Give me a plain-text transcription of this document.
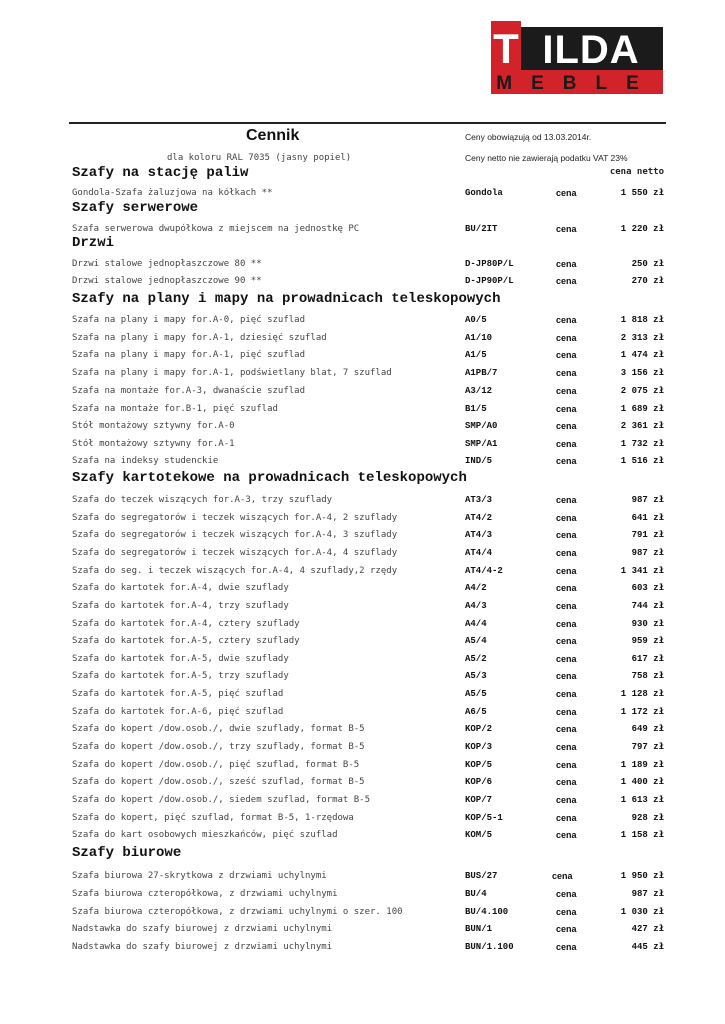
T ILDA
MEBLE
Cennik	Ceny obowiązują od 13.03.2014r.
dla koloru RAL 7035 (jasny popiel)	Ceny netto nie zawierają podatku VAT 23%
cena netto
Szafy na stację paliw
Gondola-Szafa żaluzjowa na kółkach **	Gondola	cena	1 550 zł
Szafy serwerowe
Szafa serwerowa dwupółkowa z miejscem na jednostkę PC	BU/2IT	cena	1 220 zł
Drzwi
Drzwi stalowe jednopłaszczowe 80 **	D-JP80P/L	cena	250 zł
Drzwi stalowe jednopłaszczowe 90 **	D-JP90P/L	cena	270 zł
Szafy na plany i mapy na prowadnicach teleskopowych
Szafa na plany i mapy for.A-0, pięć szuflad	A0/5	cena	1 818 zł
Szafa na plany i mapy for.A-1, dziesięć szuflad	A1/10	cena	2 313 zł
Szafa na plany i mapy for.A-1, pięć szuflad	A1/5	cena	1 474 zł
Szafa na plany i mapy for.A-1, podświetlany blat, 7 szuflad	A1PB/7	cena	3 156 zł
Szafa na montaże for.A-3, dwanaście szuflad	A3/12	cena	2 075 zł
Szafa na montaże for.B-1, pięć szuflad	B1/5	cena	1 689 zł
Stół montażowy sztywny for.A-0	SMP/A0	cena	2 361 zł
Stół montażowy sztywny for.A-1	SMP/A1	cena	1 732 zł
Szafa na indeksy studenckie	IND/5	cena	1 516 zł
Szafy kartotekowe na prowadnicach teleskopowych
Szafa do teczek wiszących for.A-3, trzy szuflady	AT3/3	cena	987 zł
Szafa do segregatorów i teczek wiszących for.A-4, 2 szuflady	AT4/2	cena	641 zł
Szafa do segregatorów i teczek wiszących for.A-4, 3 szuflady	AT4/3	cena	791 zł
Szafa do segregatorów i teczek wiszących for.A-4, 4 szuflady	AT4/4	cena	987 zł
Szafa do seg. i teczek wiszących for.A-4, 4 szuflady,2 rzędy	AT4/4-2	cena	1 341 zł
Szafa do kartotek for.A-4, dwie szuflady	A4/2	cena	603 zł
Szafa do kartotek for.A-4, trzy szuflady	A4/3	cena	744 zł
Szafa do kartotek for.A-4, cztery szuflady	A4/4	cena	930 zł
Szafa do kartotek for.A-5, cztery szuflady	A5/4	cena	959 zł
Szafa do kartotek for.A-5, dwie szuflady	A5/2	cena	617 zł
Szafa do kartotek for.A-5, trzy szuflady	A5/3	cena	758 zł
Szafa do kartotek for.A-5, pięć szuflad	A5/5	cena	1 128 zł
Szafa do kartotek for.A-6, pięć szuflad	A6/5	cena	1 172 zł
Szafa do kopert /dow.osob./, dwie szuflady, format B-5	KOP/2	cena	649 zł
Szafa do kopert /dow.osob./, trzy szuflady, format B-5	KOP/3	cena	797 zł
Szafa do kopert /dow.osob./, pięć szuflad, format B-5	KOP/5	cena	1 189 zł
Szafa do kopert /dow.osob./, sześć szuflad, format B-5	KOP/6	cena	1 400 zł
Szafa do kopert /dow.osob./, siedem szuflad, format B-5	KOP/7	cena	1 613 zł
Szafa do kopert, pięć szuflad, format B-5, 1-rzędowa	KOP/5-1	cena	928 zł
Szafa do kart osobowych mieszkańców, pięć szuflad	KOM/5	cena	1 158 zł
Szafy biurowe
Szafa biurowa 27-skrytkowa z drzwiami uchylnymi	BUS/27	cena	1 950 zł
Szafa biurowa czteropółkowa, z drzwiami uchylnymi	BU/4	cena	987 zł
Szafa biurowa czteropółkowa, z drzwiami uchylnymi o szer. 100	BU/4.100	cena	1 030 zł
Nadstawka do szafy biurowej z drzwiami uchylnymi	BUN/1	cena	427 zł
Nadstawka do szafy biurowej z drzwiami uchylnymi	BUN/1.100	cena	445 zł
